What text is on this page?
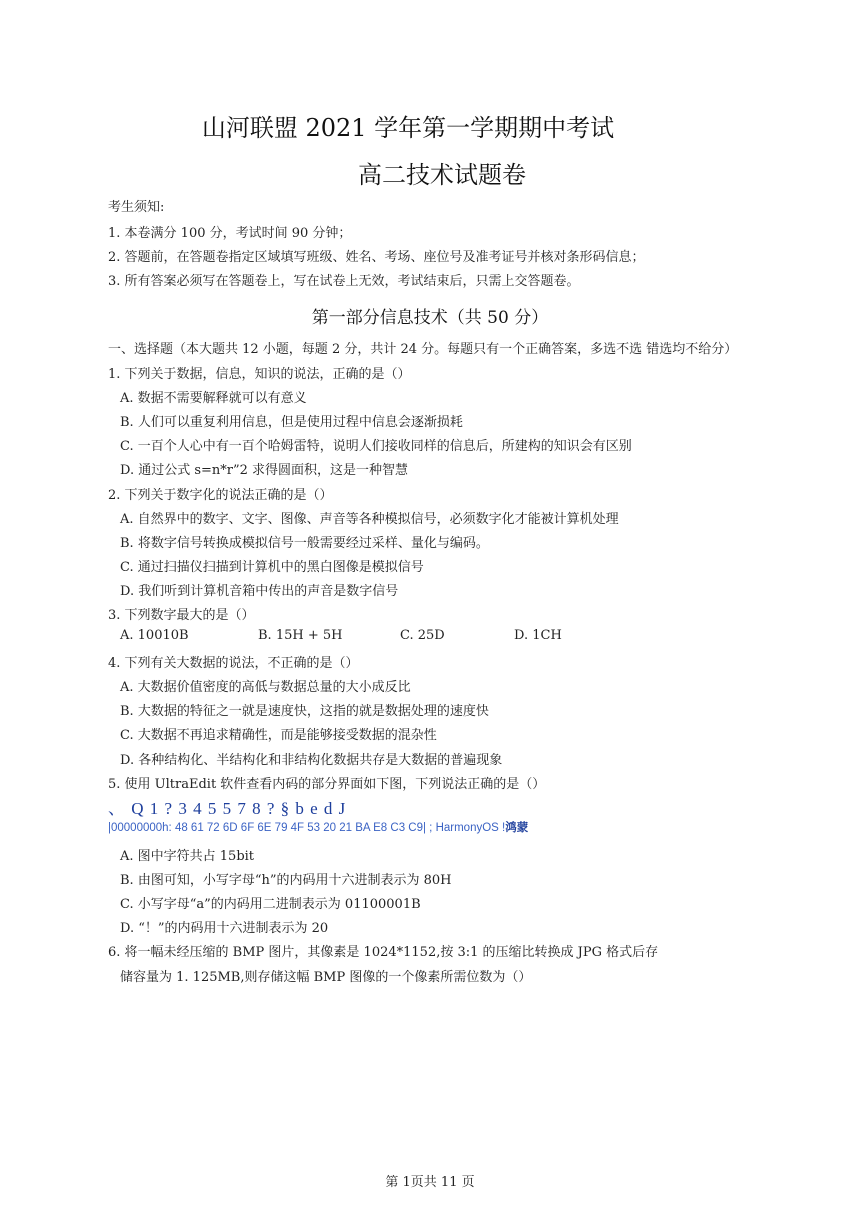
山河联盟 2021 学年第一学期期中考试
高二技术试题卷
考生须知:
1. 本卷满分 100 分，考试时间 90 分钟；
2. 答题前，在答题卷指定区域填写班级、姓名、考场、座位号及准考证号并核对条形码信息；
3. 所有答案必须写在答题卷上，写在试卷上无效，考试结束后，只需上交答题卷。
第一部分信息技术（共 50 分）
一、选择题（本大题共 12 小题，每题 2 分，共计 24 分。每题只有一个正确答案，多选不选 错选均不给分）
1. 下列关于数据，信息，知识的说法，正确的是（）
A. 数据不需要解释就可以有意义
B. 人们可以重复利用信息，但是使用过程中信息会逐渐损耗
C. 一百个人心中有一百个哈姆雷特，说明人们接收同样的信息后，所建构的知识会有区别
D. 通过公式 s=n*r”2 求得圆面积，这是一种智慧
2. 下列关于数字化的说法正确的是（）
A. 自然界中的数字、文字、图像、声音等各种模拟信号，必须数字化才能被计算机处理
B. 将数字信号转换成模拟信号一般需要经过采样、量化与编码。
C. 通过扫描仪扫描到计算机中的黑白图像是模拟信号
D. 我们听到计算机音箱中传出的声音是数字信号
3. 下列数字最大的是（）
A. 10010B	B. 15H + 5H	C. 25D	D. 1CH
4. 下列有关大数据的说法，不正确的是（）
A. 大数据价值密度的高低与数据总量的大小成反比
B. 大数据的特征之一就是速度快，这指的就是数据处理的速度快
C. 大数据不再追求精确性，而是能够接受数据的混杂性
D. 各种结构化、半结构化和非结构化数据共存是大数据的普遍现象
5. 使用 UltraEdit 软件查看内码的部分界面如下图，下列说法正确的是（）
、 Q 1 ? 3 4 5 5 7 8 ? § b e d J
|00000000h: 48 61 72 6D 6F 6E 79 4F 53 20 21 BA E8 C3 C9| ; HarmonyOS !鸿蒙
A. 图中字符共占 15bit
B. 由图可知，小写字母“h”的内码用十六进制表示为 80H
C. 小写字母“a”的内码用二进制表示为 01100001B
D. “！”的内码用十六进制表示为 20
6. 将一幅未经压缩的 BMP 图片，其像素是 1024*1152,按 3:1 的压缩比转换成 JPG 格式后存
储容量为 1. 125MB,则存储这幅 BMP 图像的一个像素所需位数为（）
第 1页共 11 页
